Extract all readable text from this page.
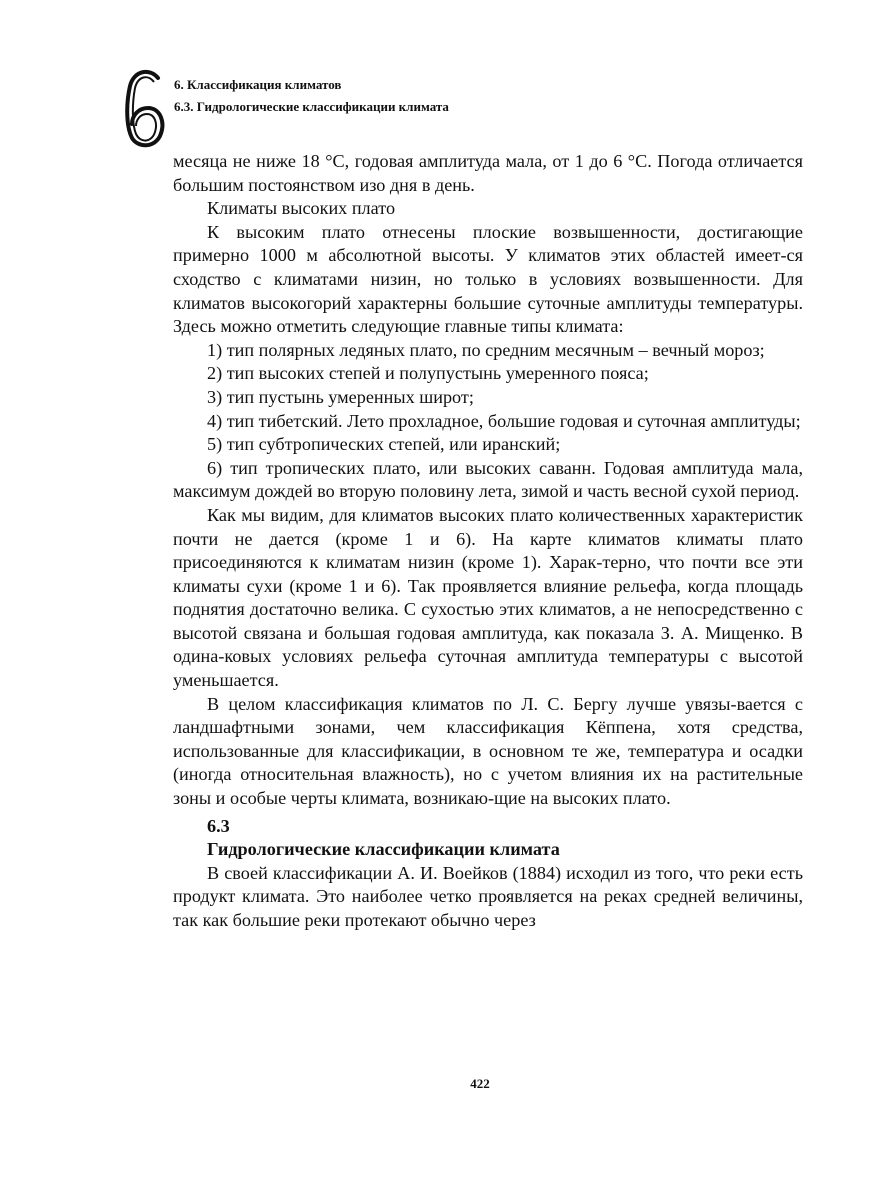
6. Классификация климатов
6.3. Гидрологические классификации климата

месяца не ниже 18 °С, годовая амплитуда мала, от 1 до 6 °С. Погода отличается большим постоянством изо дня в день.

Климаты высоких плато

К высоким плато отнесены плоские возвышенности, достигающие примерно 1000 м абсолютной высоты. У климатов этих областей имеет-ся сходство с климатами низин, но только в условиях возвышенности. Для климатов высокогорий характерны большие суточные амплитуды температуры. Здесь можно отметить следующие главные типы климата:

1) тип полярных ледяных плато, по средним месячным – вечный мороз;

2) тип высоких степей и полупустынь умеренного пояса;

3) тип пустынь умеренных широт;

4) тип тибетский. Лето прохладное, большие годовая и суточная амплитуды;

5) тип субтропических степей, или иранский;

6) тип тропических плато, или высоких саванн. Годовая амплитуда мала, максимум дождей во вторую половину лета, зимой и часть весной сухой период.

Как мы видим, для климатов высоких плато количественных характеристик почти не дается (кроме 1 и 6). На карте климатов климаты плато присоединяются к климатам низин (кроме 1). Харак-терно, что почти все эти климаты сухи (кроме 1 и 6). Так проявляется влияние рельефа, когда площадь поднятия достаточно велика. С сухостью этих климатов, а не непосредственно с высотой связана и большая годовая амплитуда, как показала З. А. Мищенко. В одина-ковых условиях рельефа суточная амплитуда температуры с высотой уменьшается.

В целом классификация климатов по Л. С. Бергу лучше увязы-вается с ландшафтными зонами, чем классификация Кёппена, хотя средства, использованные для классификации, в основном те же, температура и осадки (иногда относительная влажность), но с учетом влияния их на растительные зоны и особые черты климата, возникаю-щие на высоких плато.

6.3

Гидрологические классификации климата

В своей классификации А. И. Воейков (1884) исходил из того, что реки есть продукт климата. Это наиболее четко проявляется на реках средней величины, так как большие реки протекают обычно через

422
